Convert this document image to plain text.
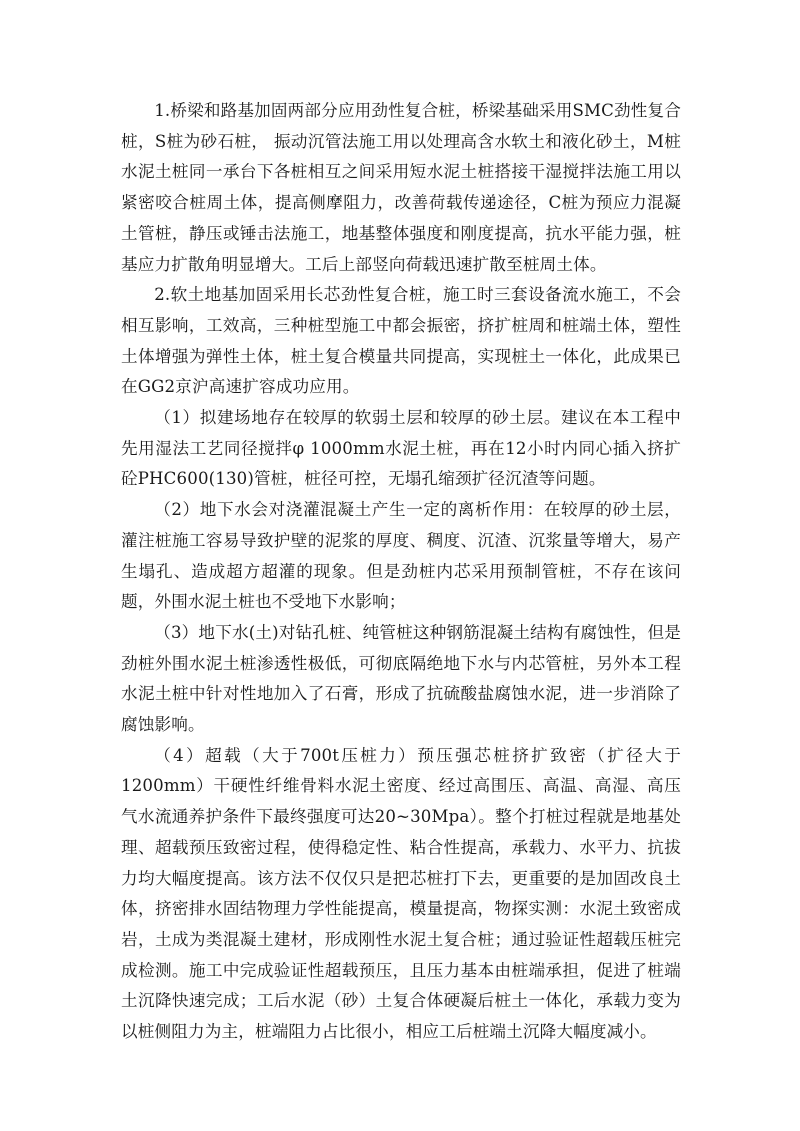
1.桥梁和路基加固两部分应用劲性复合桩，桥梁基础采用SMC劲性复合桩，S桩为砂石桩， 振动沉管法施工用以处理高含水软土和液化砂土，M桩水泥土桩同一承台下各桩相互之间采用短水泥土桩搭接干湿搅拌法施工用以紧密咬合桩周土体，提高侧摩阻力，改善荷载传递途径，C桩为预应力混凝土管桩，静压或锤击法施工，地基整体强度和刚度提高，抗水平能力强，桩基应力扩散角明显增大。工后上部竖向荷载迅速扩散至桩周土体。

2.软土地基加固采用长芯劲性复合桩，施工时三套设备流水施工，不会相互影响，工效高，三种桩型施工中都会振密，挤扩桩周和桩端土体，塑性土体增强为弹性土体，桩土复合模量共同提高，实现桩土一体化，此成果已在GG2京沪高速扩容成功应用。

（1）拟建场地存在较厚的软弱土层和较厚的砂土层。建议在本工程中先用湿法工艺同径搅拌φ 1000mm水泥土桩，再在12小时内同心插入挤扩砼PHC600(130)管桩，桩径可控，无塌孔缩颈扩径沉渣等问题。

（2）地下水会对浇灌混凝土产生一定的离析作用：在较厚的砂土层，灌注桩施工容易导致护壁的泥浆的厚度、稠度、沉渣、沉浆量等增大，易产生塌孔、造成超方超灌的现象。但是劲桩内芯采用预制管桩，不存在该问题，外围水泥土桩也不受地下水影响；

（3）地下水(土)对钻孔桩、纯管桩这种钢筋混凝土结构有腐蚀性，但是劲桩外围水泥土桩渗透性极低，可彻底隔绝地下水与内芯管桩，另外本工程水泥土桩中针对性地加入了石膏，形成了抗硫酸盐腐蚀水泥，进一步消除了腐蚀影响。

（4）超载（大于700t压桩力）预压强芯桩挤扩致密（扩径大于1200mm）干硬性纤维骨料水泥土密度、经过高围压、高温、高湿、高压气水流通养护条件下最终强度可达20~30Mpa）。整个打桩过程就是地基处理、超载预压致密过程，使得稳定性、粘合性提高，承载力、水平力、抗拔力均大幅度提高。该方法不仅仅只是把芯桩打下去，更重要的是加固改良土体，挤密排水固结物理力学性能提高，模量提高，物探实测：水泥土致密成岩，土成为类混凝土建材，形成刚性水泥土复合桩；通过验证性超载压桩完成检测。施工中完成验证性超载预压，且压力基本由桩端承担，促进了桩端土沉降快速完成；工后水泥（砂）土复合体硬凝后桩土一体化，承载力变为以桩侧阻力为主，桩端阻力占比很小，相应工后桩端土沉降大幅度减小。
